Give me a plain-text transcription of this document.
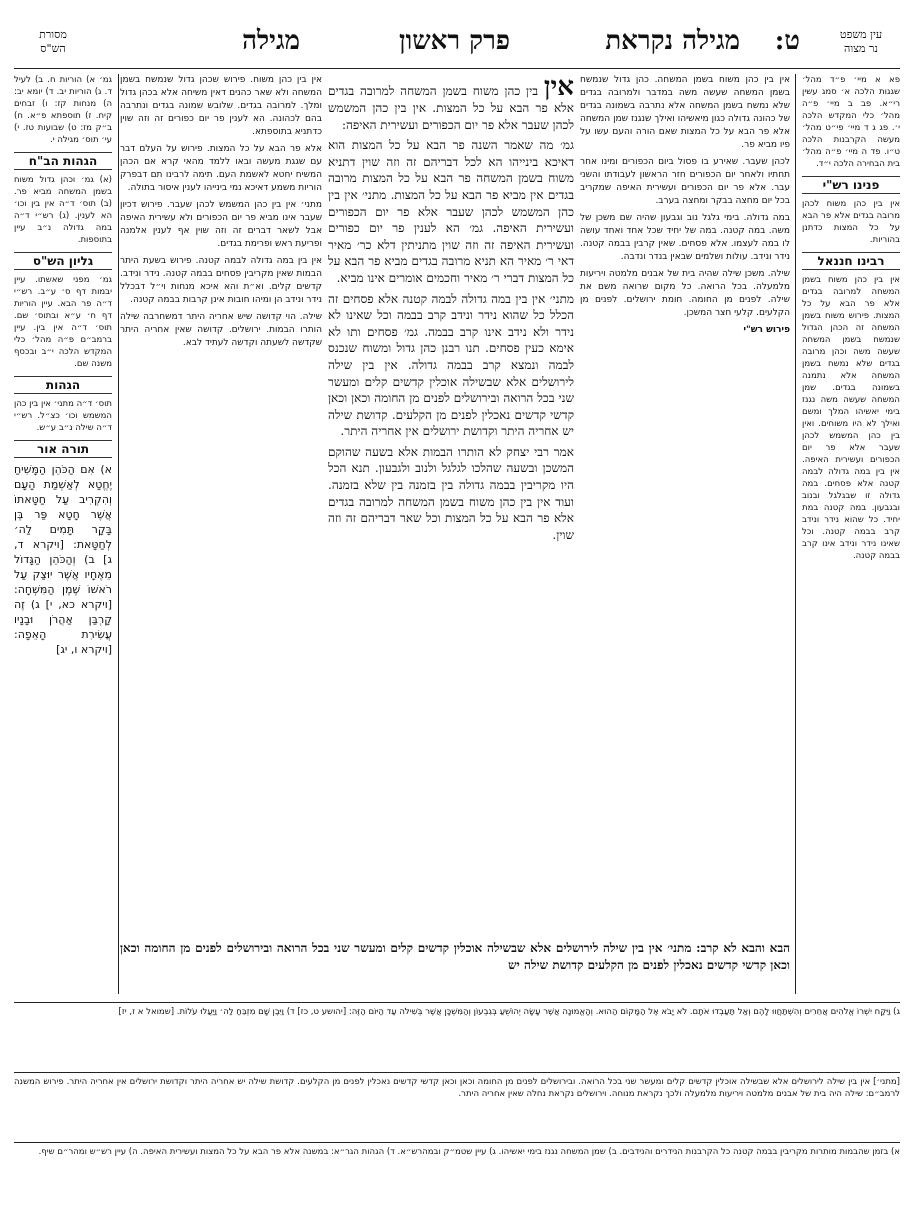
עין משפט
נר מצוה
ט:
מגילה נקראת
פרק ראשון
מגילה
מסורת
הש"ס

פא א מיי׳ פ״ד מהל׳ שגגות הלכה א׳ סמג עשין רי״א. פב ב מיי׳ פ״ה מהל׳ כלי המקדש הלכה י׳. פג ג ד מיי׳ פי״ט מהל׳ מעשה הקרבנות הלכה ט״ו. פד ה מיי׳ פ״ה מהל׳ בית הבחירה הלכה י״ד.

פנינו רש"י

אין בין כהן משוח לכהן מרובה בגדים אלא פר הבא על כל המצות כדתנן בהוריות.

רבינו חננאל

אין בין כהן משוח בשמן המשחה למרובה בגדים אלא פר הבא על כל המצות. פירוש משוח בשמן המשחה זה הכהן הגדול שנמשח בשמן המשחה שעשה משה וכהן מרובה בגדים שלא נמשח בשמן המשחה אלא נתמנה בשמונה בגדים. שמן המשחה שעשה משה נגנז בימי יאשיהו המלך ומשם ואילך לא היו משוחים. ואין בין כהן המשמש לכהן שעבר אלא פר יום הכפורים ועשירית האיפה. אין בין במה גדולה לבמה קטנה אלא פסחים. במה גדולה זו שבגלגל ובנוב ובגבעון. במה קטנה במת יחיד. כל שהוא נידר ונידב קרב בבמה קטנה. וכל שאינו נידר ונידב אינו קרב בבמה קטנה.

אין בין כהן משוח בשמן המשחה. כהן גדול שנמשח בשמן המשחה שעשה משה במדבר ולמרובה בגדים שלא נמשח בשמן המשחה אלא נתרבה בשמונה בגדים של כהונה גדולה כגון מיאשיהו ואילך שנגנז שמן המשחה אלא פר הבא על כל המצות שאם הורה והעם עשו על פיו מביא פר.

לכהן שעבר. שאירע בו פסול ביום הכפורים ומינו אחר תחתיו ולאחר יום הכפורים חזר הראשון לעבודתו והשני עבר. אלא פר יום הכפורים ועשירית האיפה שמקריב בכל יום מחצה בבקר ומחצה בערב.

במה גדולה. בימי גלגל נוב וגבעון שהיה שם משכן של משה. במה קטנה. במה של יחיד שכל אחד ואחד עושה לו במה לעצמו. אלא פסחים. שאין קרבין בבמה קטנה. נידר ונידב. עולות ושלמים שבאין בנדר ונדבה.

שילה. משכן שילה שהיה בית של אבנים מלמטה ויריעות מלמעלה. בכל הרואה. כל מקום שרואה משם את שילה. לפנים מן החומה. חומת ירושלים. לפנים מן הקלעים. קלעי חצר המשכן.

פירוש רש"י

אין בין כהן משוח בשמן המשחה למרובה בגדים אלא פר הבא על כל המצות. אין בין כהן המשמש לכהן שעבר אלא פר יום הכפורים ועשירית האיפה:

גמ׳ מה שאמר השנה פר הבא על כל המצות הוא דאיכא בינייהו הא לכל דבריהם זה וזה שוין דתניא משוח בשמן המשחה פר הבא על כל המצות מרובה בגדים אין מביא פר הבא על כל המצות. מתני׳ אין בין כהן המשמש לכהן שעבר אלא פר יום הכפורים ועשירית האיפה. גמ׳ הא לענין פר יום כפורים ועשירית האיפה זה וזה שוין מתניתין דלא כר׳ מאיר דאי ר׳ מאיר הא תניא מרובה בגדים מביא פר הבא על כל המצות דברי ר׳ מאיר וחכמים אומרים אינו מביא.

מתני׳ אין בין במה גדולה לבמה קטנה אלא פסחים זה הכלל כל שהוא נידר ונידב קרב בבמה וכל שאינו לא נידר ולא נידב אינו קרב בבמה. גמ׳ פסחים ותו לא אימא כעין פסחים. תנו רבנן כהן גדול ומשוח שנכנס לבמה ונמצא קרב בבמה גדולה. אין בין שילה לירושלים אלא שבשילה אוכלין קדשים קלים ומעשר שני בכל הרואה ובירושלים לפנים מן החומה וכאן וכאן קדשי קדשים נאכלין לפנים מן הקלעים. קדושת שילה יש אחריה היתר וקדושת ירושלים אין אחריה היתר.

אמר רבי יצחק לא הותרו הבמות אלא בשעה שהוקם המשכן ובשעה שהלכו לגלגל ולנוב ולגבעון. תנא הכל היו מקריבין בבמה גדולה בין בזמנה בין שלא בזמנה. ועוד אין בין כהן משוח בשמן המשחה למרובה בגדים אלא פר הבא על כל המצות וכל שאר דבריהם זה וזה שוין.

הבא והבא לא קרב: מתני׳ אין בין שילה לירושלים אלא שבשילה אוכלין קדשים קלים ומעשר שני בכל הרואה ובירושלים לפנים מן החומה וכאן וכאן קדשי קדשים נאכלין לפנים מן הקלעים קדושת שילה יש

אין בין כהן משוח. פירוש שכהן גדול שנמשח בשמן המשחה ולא שאר כהנים דאין משיחה אלא בכהן גדול ומלך. למרובה בגדים. שלובש שמונה בגדים ונתרבה בהם לכהונה. הא לענין פר יום כפורים זה וזה שוין כדתניא בתוספתא.

אלא פר הבא על כל המצות. פירוש על העלם דבר עם שגגת מעשה ובאו ללמד מהאי קרא אם הכהן המשיח יחטא לאשמת העם. תימה לרבינו תם דבפרק הוריות משמע דאיכא נמי בינייהו לענין איסור בתולה.

מתני׳ אין בין כהן המשמש לכהן שעבר. פירוש דכיון שעבר אינו מביא פר יום הכפורים ולא עשירית האיפה אבל לשאר דברים זה וזה שוין אף לענין אלמנה ופריעת ראש ופרימת בגדים.

אין בין במה גדולה לבמה קטנה. פירוש בשעת היתר הבמות שאין מקריבין פסחים בבמה קטנה. נידר ונידב. קדשים קלים. וא״ת והא איכא מנחות וי״ל דבכלל נידר ונידב הן ומיהו חובות אינן קרבות בבמה קטנה.

שילה. הוי קדושה שיש אחריה היתר דמשחרבה שילה הותרו הבמות. ירושלים. קדושה שאין אחריה היתר שקדשה לשעתה וקדשה לעתיד לבא.

גמ׳ א) הוריות ח. ב) לעיל ד. ג) הוריות יב. ד) יומא יב: ה) מנחות קז: ו) זבחים קיח. ז) תוספתא פ״א. ח) ב״ק מז: ט) שבועות טז. י) עי׳ תוס׳ מגילה י.

הגהות הב"ח

(א) גמ׳ וכהן גדול משוח בשמן המשחה מביא פר. (ב) תוס׳ ד״ה אין בין וכו׳ הא לענין. (ג) רש״י ד״ה במה גדולה נ״ב עיין בתוספות.

גליון הש"ס

גמ׳ מפני שאשתו. עיין יבמות דף ס׳ ע״ב. רש״י ד״ה פר הבא. עיין הוריות דף ח׳ ע״א ובתוס׳ שם. תוס׳ ד״ה אין בין. עיין ברמב״ם פ״ה מהל׳ כלי המקדש הלכה י״ב ובכסף משנה שם.

הגהות

תוס׳ ד״ה מתני׳ אין בין כהן המשמש וכו׳ כצ״ל. רש״י ד״ה שילה נ״ב ע״ש.

תורה אור

א) אִם הַכֹּהֵן הַמָּשִׁיחַ יֶחֱטָא לְאַשְׁמַת הָעָם וְהִקְרִיב עַל חַטָּאתוֹ אֲשֶׁר חָטָא פַּר בֶּן בָּקָר תָּמִים לַה׳ לְחַטָּאת: [ויקרא ד, ג] ב) וְהַכֹּהֵן הַגָּדוֹל מֵאֶחָיו אֲשֶׁר יוּצַק עַל רֹאשׁוֹ שֶׁמֶן הַמִּשְׁחָה: [ויקרא כא, י] ג) זֶה קָרְבַּן אַהֲרֹן וּבָנָיו עֲשִׂירִת הָאֵפָה: [ויקרא ו, יג]

ג) וַיִּקַּח יִשְׁרוֹ אֱלֹהִים אֲחֵרִים וְהִשְׁתַּחֲווּ לָהֶם וְאַל תַּעַבְדוּ אֹתָם. לֹא יָבֹא אֶל הַמָּקוֹם הַהוּא. וְהָאֱמוּנָה אֲשֶׁר עָשָׂה יְהוֹשֻׁעַ בְּגִבְעוֹן וְהַמִּשְׁכָּן אֲשֶׁר בְּשִׁילֹה עַד הַיּוֹם הַזֶּה: [יהושע ט, כז] ד) וַיִּבֶן שָׁם מִזְבֵּחַ לַה׳ וַיַּעֲלוּ עֹלוֹת. [שמואל א ז, יז]
[מתני׳] אין בין שילה לירושלים אלא שבשילה אוכלין קדשים קלים ומעשר שני בכל הרואה. ובירושלים לפנים מן החומה וכאן וכאן קדשי קדשים נאכלין לפנים מן הקלעים. קדושת שילה יש אחריה היתר וקדושת ירושלים אין אחריה היתר. פירוש המשנה לרמב״ם: שילה היה בית של אבנים מלמטה ויריעות מלמעלה ולכך נקראת מנוחה. וירושלים נקראת נחלה שאין אחריה היתר.
א) בזמן שהבמות מותרות מקריבין בבמה קטנה כל הקרבנות הנידרים והנידבים. ב) שמן המשחה נגנז בימי יאשיהו. ג) עיין שטמ״ק ובמהרש״א. ד) הגהות הגר״א: במשנה אלא פר הבא על כל המצות ועשירית האיפה. ה) עיין רש״ש ומהר״ם שיף.
